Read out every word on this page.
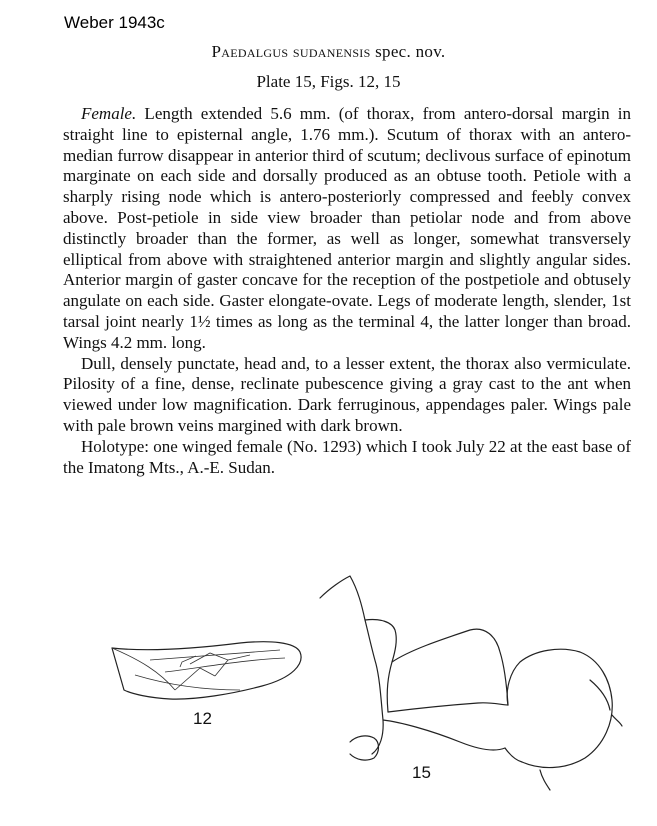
Weber 1943c
Paedalgus sudanensis spec. nov.
Plate 15, Figs. 12, 15

Female. Length extended 5.6 mm. (of thorax, from antero-dorsal margin in straight line to episternal angle, 1.76 mm.). Scutum of thorax with an antero-median furrow disappear in anterior third of scutum; declivous surface of epinotum marginate on each side and dorsally produced as an obtuse tooth. Petiole with a sharply rising node which is antero-posteriorly compressed and feebly convex above. Post-petiole in side view broader than petiolar node and from above distinctly broader than the former, as well as longer, somewhat transversely elliptical from above with straightened anterior margin and slightly angular sides. Anterior margin of gaster concave for the reception of the postpetiole and obtusely angulate on each side. Gaster elongate-ovate. Legs of moderate length, slender, 1st tarsal joint nearly 1½ times as long as the terminal 4, the latter longer than broad. Wings 4.2 mm. long.

Dull, densely punctate, head and, to a lesser extent, the thorax also vermiculate. Pilosity of a fine, dense, reclinate pubescence giving a gray cast to the ant when viewed under low magnification. Dark ferruginous, appendages paler. Wings pale with pale brown veins margined with dark brown.

Holotype: one winged female (No. 1293) which I took July 22 at the east base of the Imatong Mts., A.-E. Sudan.

12
15
